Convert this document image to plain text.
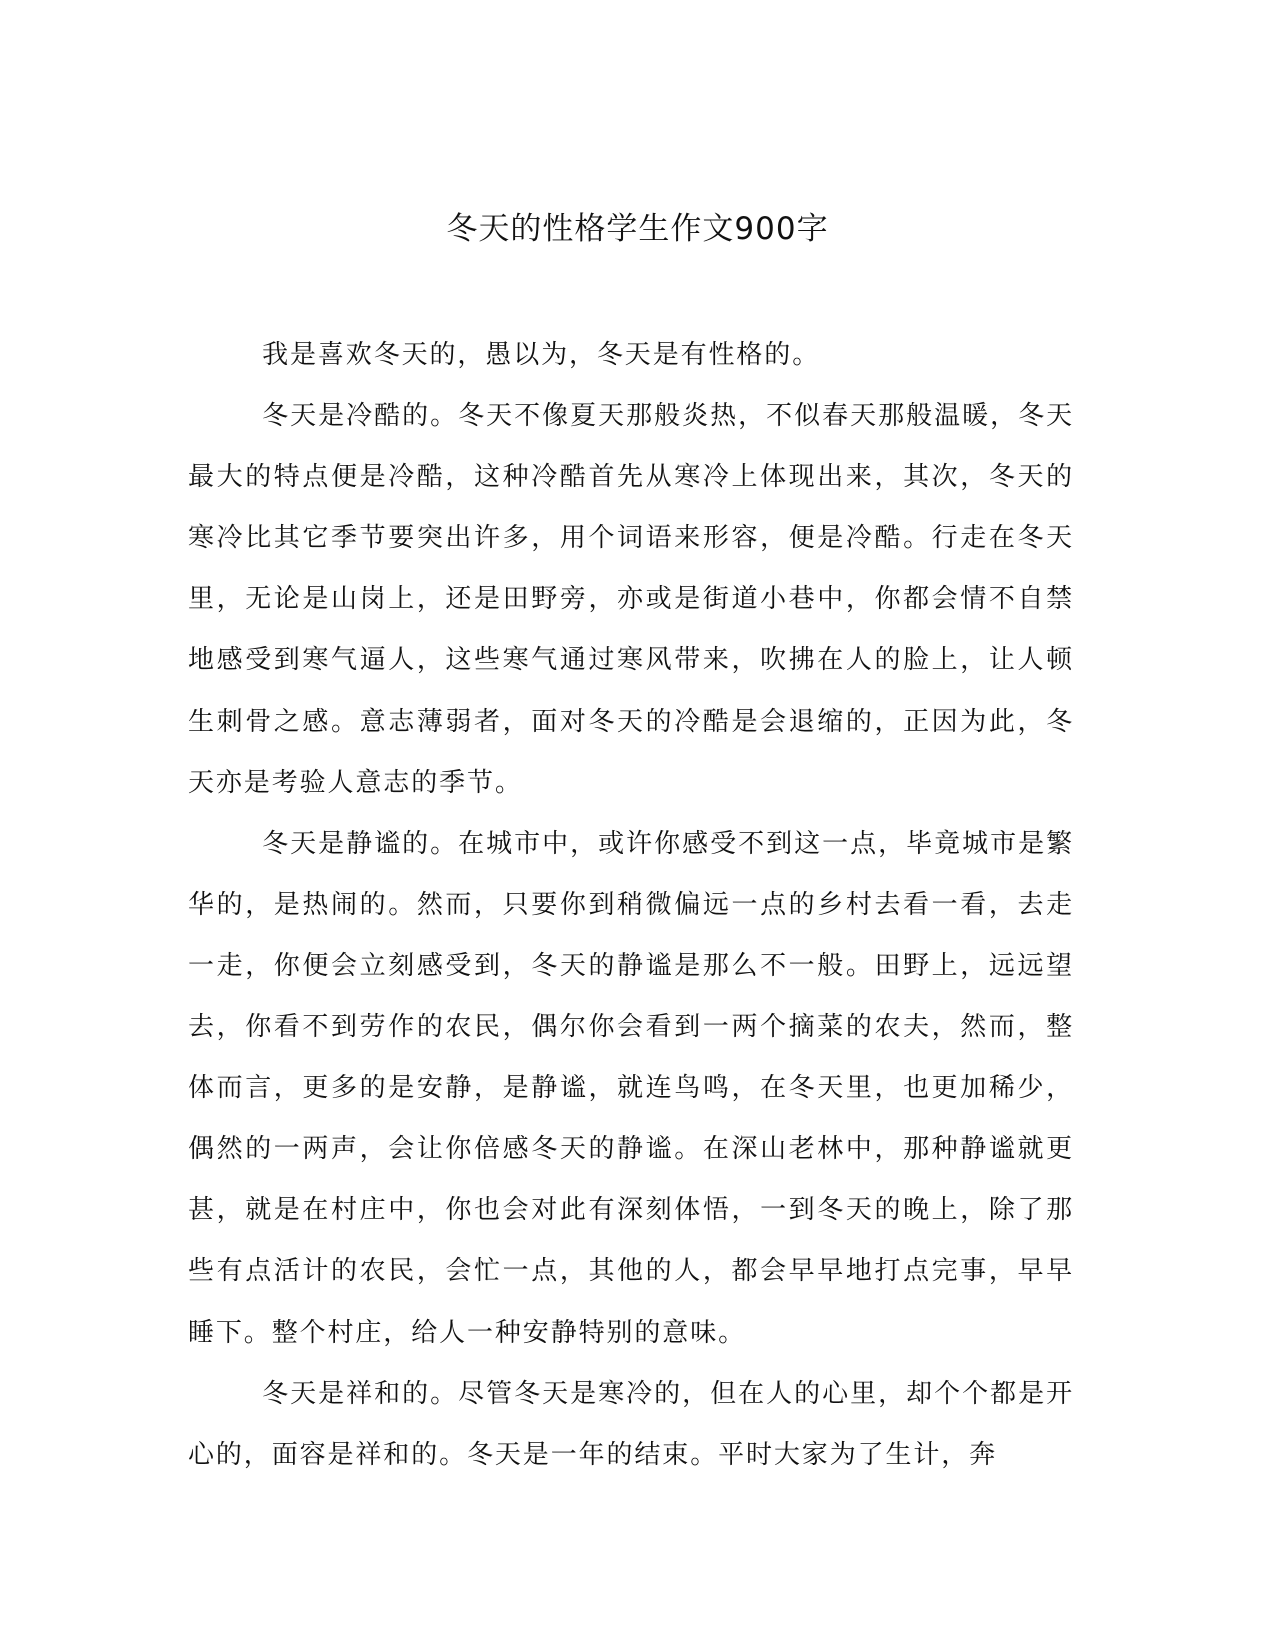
冬天的性格学生作文900字

我是喜欢冬天的，愚以为，冬天是有性格的。

冬天是冷酷的。冬天不像夏天那般炎热，不似春天那般温暖，冬天最大的特点便是冷酷，这种冷酷首先从寒冷上体现出来，其次，冬天的寒冷比其它季节要突出许多，用个词语来形容，便是冷酷。行走在冬天里，无论是山岗上，还是田野旁，亦或是街道小巷中，你都会情不自禁地感受到寒气逼人，这些寒气通过寒风带来，吹拂在人的脸上，让人顿生刺骨之感。意志薄弱者，面对冬天的冷酷是会退缩的，正因为此，冬天亦是考验人意志的季节。

冬天是静谧的。在城市中，或许你感受不到这一点，毕竟城市是繁华的，是热闹的。然而，只要你到稍微偏远一点的乡村去看一看，去走一走，你便会立刻感受到，冬天的静谧是那么不一般。田野上，远远望去，你看不到劳作的农民，偶尔你会看到一两个摘菜的农夫，然而，整体而言，更多的是安静，是静谧，就连鸟鸣，在冬天里，也更加稀少，偶然的一两声，会让你倍感冬天的静谧。在深山老林中，那种静谧就更甚，就是在村庄中，你也会对此有深刻体悟，一到冬天的晚上，除了那些有点活计的农民，会忙一点，其他的人，都会早早地打点完事，早早睡下。整个村庄，给人一种安静特别的意味。

冬天是祥和的。尽管冬天是寒冷的，但在人的心里，却个个都是开心的，面容是祥和的。冬天是一年的结束。平时大家为了生计，奔
